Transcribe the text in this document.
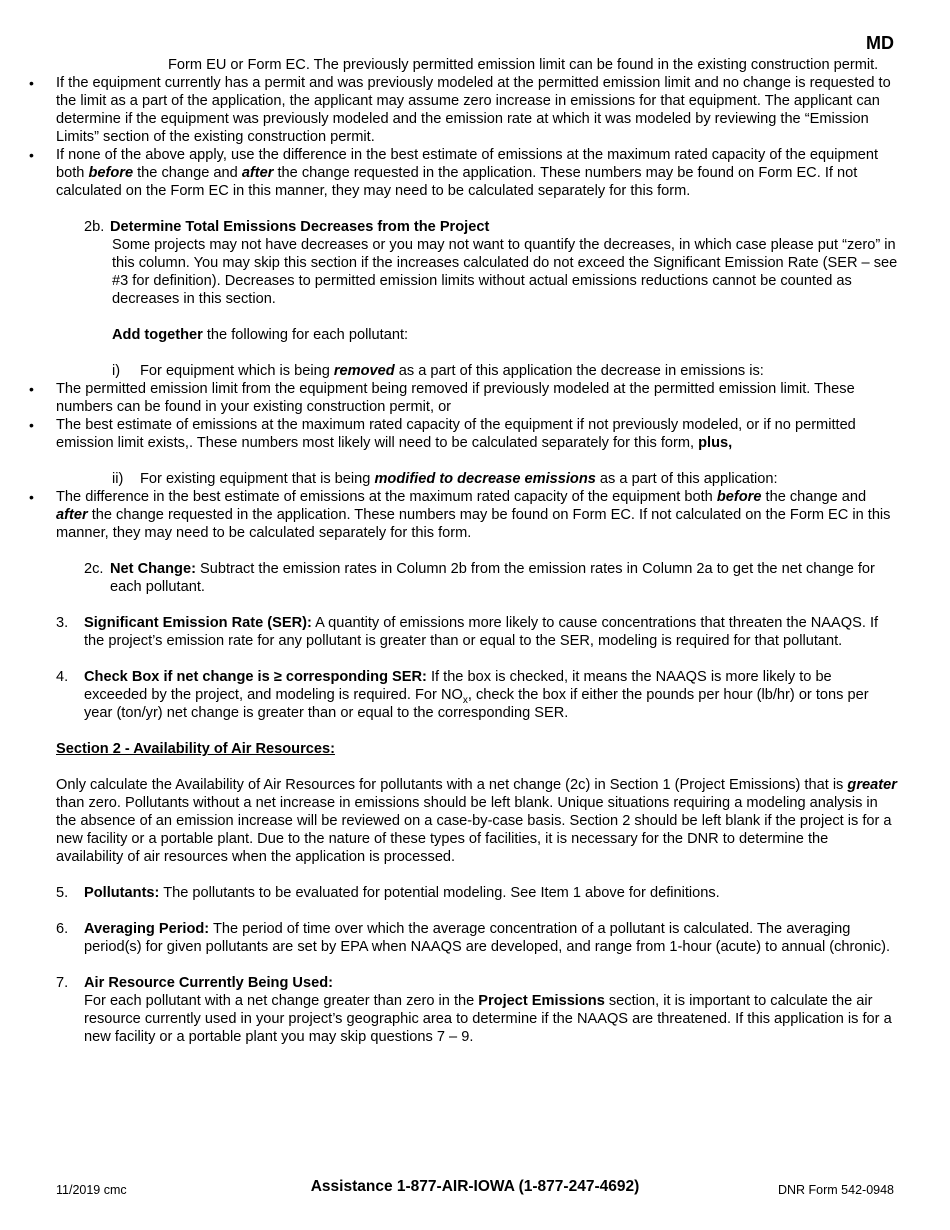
MD

Form EU or Form EC. The previously permitted emission limit can be found in the existing construction permit.

• If the equipment currently has a permit and was previously modeled at the permitted emission limit and no change is requested to the limit as a part of the application, the applicant may assume zero increase in emissions for that equipment. The applicant can determine if the equipment was previously modeled and the emission rate at which it was modeled by reviewing the “Emission Limits” section of the existing construction permit.
• If none of the above apply, use the difference in the best estimate of emissions at the maximum rated capacity of the equipment both before the change and after the change requested in the application. These numbers may be found on Form EC. If not calculated on the Form EC in this manner, they may need to be calculated separately for this form.
2b. Determine Total Emissions Decreases from the Project

Some projects may not have decreases or you may not want to quantify the decreases, in which case please put “zero” in this column. You may skip this section if the increases calculated do not exceed the Significant Emission Rate (SER – see #3 for definition). Decreases to permitted emission limits without actual emissions reductions cannot be counted as decreases in this section.

Add together the following for each pollutant:

i) For equipment which is being removed as a part of this application the decrease in emissions is:
• The permitted emission limit from the equipment being removed if previously modeled at the permitted emission limit. These numbers can be found in your existing construction permit, or
• The best estimate of emissions at the maximum rated capacity of the equipment if not previously modeled, or if no permitted emission limit exists,. These numbers most likely will need to be calculated separately for this form, plus,
ii) For existing equipment that is being modified to decrease emissions as a part of this application:
• The difference in the best estimate of emissions at the maximum rated capacity of the equipment both before the change and after the change requested in the application. These numbers may be found on Form EC. If not calculated on the Form EC in this manner, they may need to be calculated separately for this form.
2c. Net Change: Subtract the emission rates in Column 2b from the emission rates in Column 2a to get the net change for each pollutant.
3. Significant Emission Rate (SER): A quantity of emissions more likely to cause concentrations that threaten the NAAQS. If the project’s emission rate for any pollutant is greater than or equal to the SER, modeling is required for that pollutant.
4. Check Box if net change is ≥ corresponding SER: If the box is checked, it means the NAAQS is more likely to be exceeded by the project, and modeling is required. For $NO_x$, check the box if either the pounds per hour (lb/hr) or tons per year (ton/yr) net change is greater than or equal to the corresponding SER.

Section 2 - Availability of Air Resources:

Only calculate the Availability of Air Resources for pollutants with a net change (2c) in Section 1 (Project Emissions) that is greater than zero. Pollutants without a net increase in emissions should be left blank. Unique situations requiring a modeling analysis in the absence of an emission increase will be reviewed on a case-by-case basis. Section 2 should be left blank if the project is for a new facility or a portable plant. Due to the nature of these types of facilities, it is necessary for the DNR to determine the availability of air resources when the application is processed.

5. Pollutants: The pollutants to be evaluated for potential modeling. See Item 1 above for definitions.
6. Averaging Period: The period of time over which the average concentration of a pollutant is calculated. The averaging period(s) for given pollutants are set by EPA when NAAQS are developed, and range from 1-hour (acute) to annual (chronic).
7. Air Resource Currently Being Used:
For each pollutant with a net change greater than zero in the Project Emissions section, it is important to calculate the air resource currently used in your project’s geographic area to determine if the NAAQS are threatened. If this application is for a new facility or a portable plant you may skip questions 7 – 9.
11/2019 cmc	Assistance 1-877-AIR-IOWA (1-877-247-4692)	DNR Form 542-0948
